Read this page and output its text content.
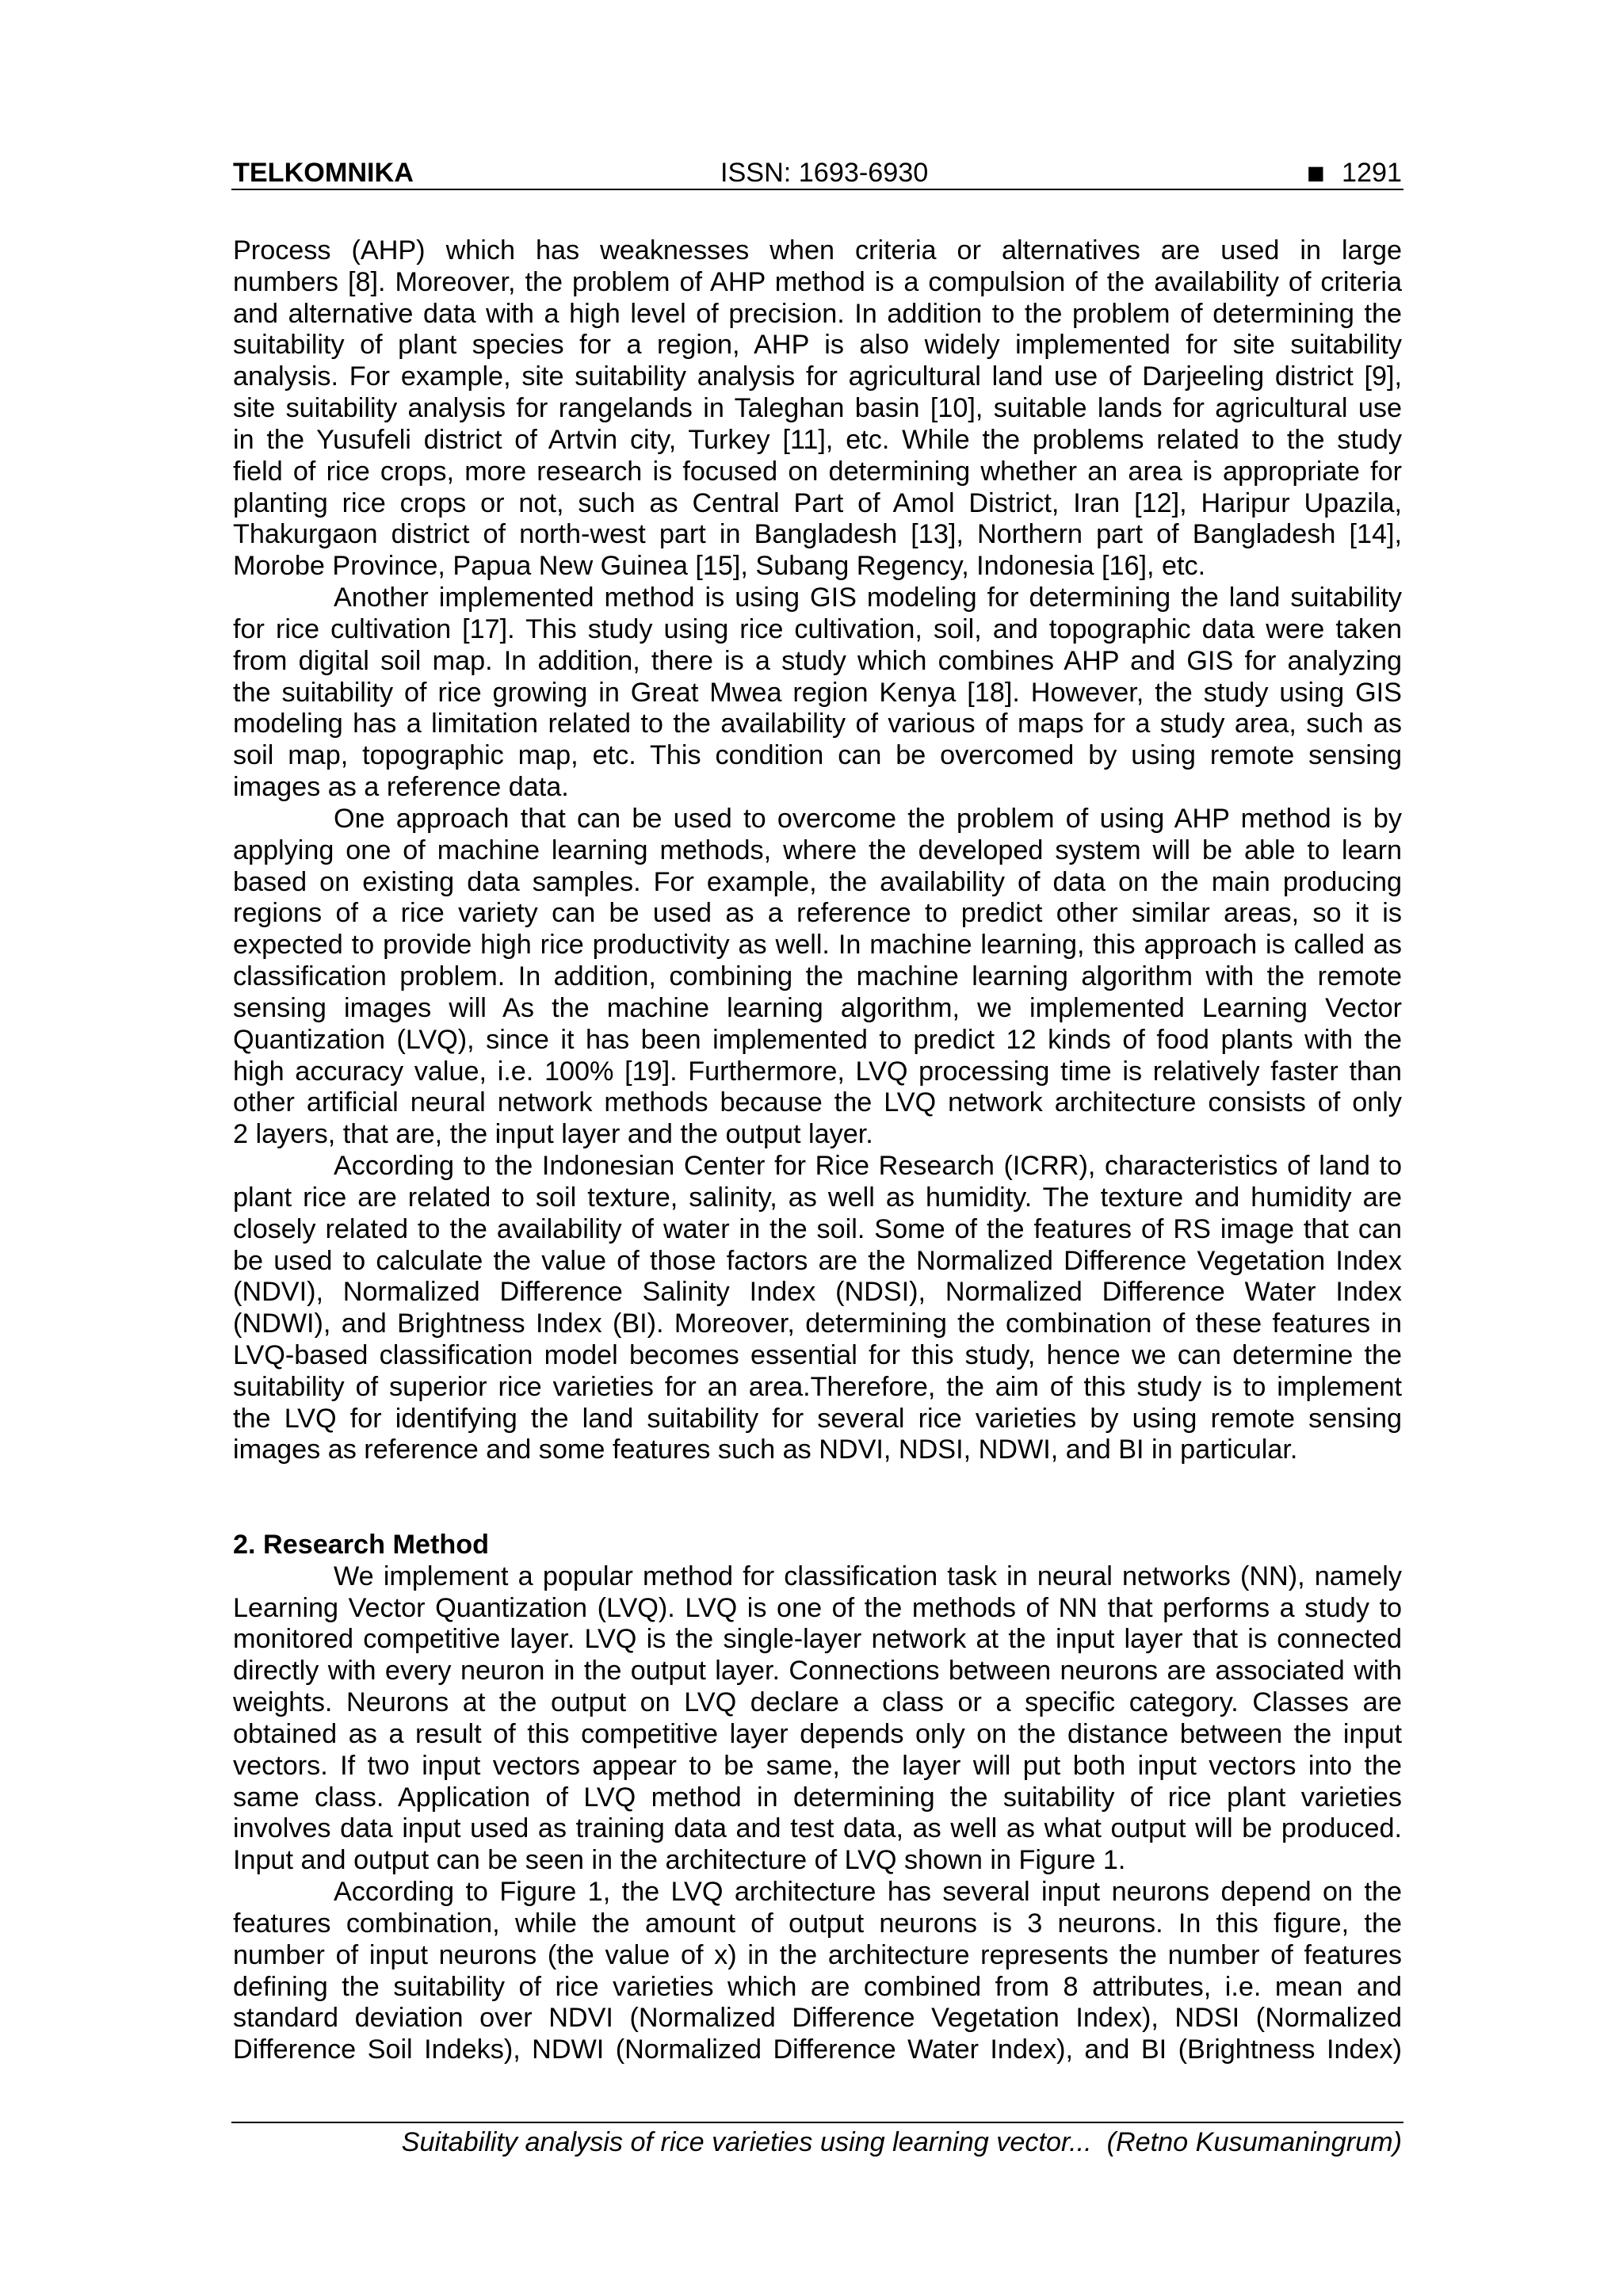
TELKOMNIKA	ISSN: 1693-6930	■ 1291
Process (AHP) which has weaknesses when criteria or alternatives are used in large
numbers [8]. Moreover, the problem of AHP method is a compulsion of the availability of criteria
and alternative data with a high level of precision. In addition to the problem of determining the
suitability of plant species for a region, AHP is also widely implemented for site suitability
analysis. For example, site suitability analysis for agricultural land use of Darjeeling district [9],
site suitability analysis for rangelands in Taleghan basin [10], suitable lands for agricultural use
in the Yusufeli district of Artvin city, Turkey [11], etc. While the problems related to the study
field of rice crops, more research is focused on determining whether an area is appropriate for
planting rice crops or not, such as Central Part of Amol District, Iran [12], Haripur Upazila,
Thakurgaon district of north-west part in Bangladesh [13], Northern part of Bangladesh [14],
Morobe Province, Papua New Guinea [15], Subang Regency, Indonesia [16], etc.
Another implemented method is using GIS modeling for determining the land suitability
for rice cultivation [17]. This study using rice cultivation, soil, and topographic data were taken
from digital soil map. In addition, there is a study which combines AHP and GIS for analyzing
the suitability of rice growing in Great Mwea region Kenya [18]. However, the study using GIS
modeling has a limitation related to the availability of various of maps for a study area, such as
soil map, topographic map, etc. This condition can be overcomed by using remote sensing
images as a reference data.
One approach that can be used to overcome the problem of using AHP method is by
applying one of machine learning methods, where the developed system will be able to learn
based on existing data samples. For example, the availability of data on the main producing
regions of a rice variety can be used as a reference to predict other similar areas, so it is
expected to provide high rice productivity as well. In machine learning, this approach is called as
classification problem. In addition, combining the machine learning algorithm with the remote
sensing images will As the machine learning algorithm, we implemented Learning Vector
Quantization (LVQ), since it has been implemented to predict 12 kinds of food plants with the
high accuracy value, i.e. 100% [19]. Furthermore, LVQ processing time is relatively faster than
other artificial neural network methods because the LVQ network architecture consists of only
2 layers, that are, the input layer and the output layer.
According to the Indonesian Center for Rice Research (ICRR), characteristics of land to
plant rice are related to soil texture, salinity, as well as humidity. The texture and humidity are
closely related to the availability of water in the soil. Some of the features of RS image that can
be used to calculate the value of those factors are the Normalized Difference Vegetation Index
(NDVI), Normalized Difference Salinity Index (NDSI), Normalized Difference Water Index
(NDWI), and Brightness Index (BI). Moreover, determining the combination of these features in
LVQ-based classification model becomes essential for this study, hence we can determine the
suitability of superior rice varieties for an area.Therefore, the aim of this study is to implement
the LVQ for identifying the land suitability for several rice varieties by using remote sensing
images as reference and some features such as NDVI, NDSI, NDWI, and BI in particular.
2. Research Method
We implement a popular method for classification task in neural networks (NN), namely
Learning Vector Quantization (LVQ). LVQ is one of the methods of NN that performs a study to
monitored competitive layer. LVQ is the single-layer network at the input layer that is connected
directly with every neuron in the output layer. Connections between neurons are associated with
weights. Neurons at the output on LVQ declare a class or a specific category. Classes are
obtained as a result of this competitive layer depends only on the distance between the input
vectors. If two input vectors appear to be same, the layer will put both input vectors into the
same class. Application of LVQ method in determining the suitability of rice plant varieties
involves data input used as training data and test data, as well as what output will be produced.
Input and output can be seen in the architecture of LVQ shown in Figure 1.
According to Figure 1, the LVQ architecture has several input neurons depend on the
features combination, while the amount of output neurons is 3 neurons. In this figure, the
number of input neurons (the value of x) in the architecture represents the number of features
defining the suitability of rice varieties which are combined from 8 attributes, i.e. mean and
standard deviation over NDVI (Normalized Difference Vegetation Index), NDSI (Normalized
Difference Soil Indeks), NDWI (Normalized Difference Water Index), and BI (Brightness Index)
Suitability analysis of rice varieties using learning vector...  (Retno Kusumaningrum)
